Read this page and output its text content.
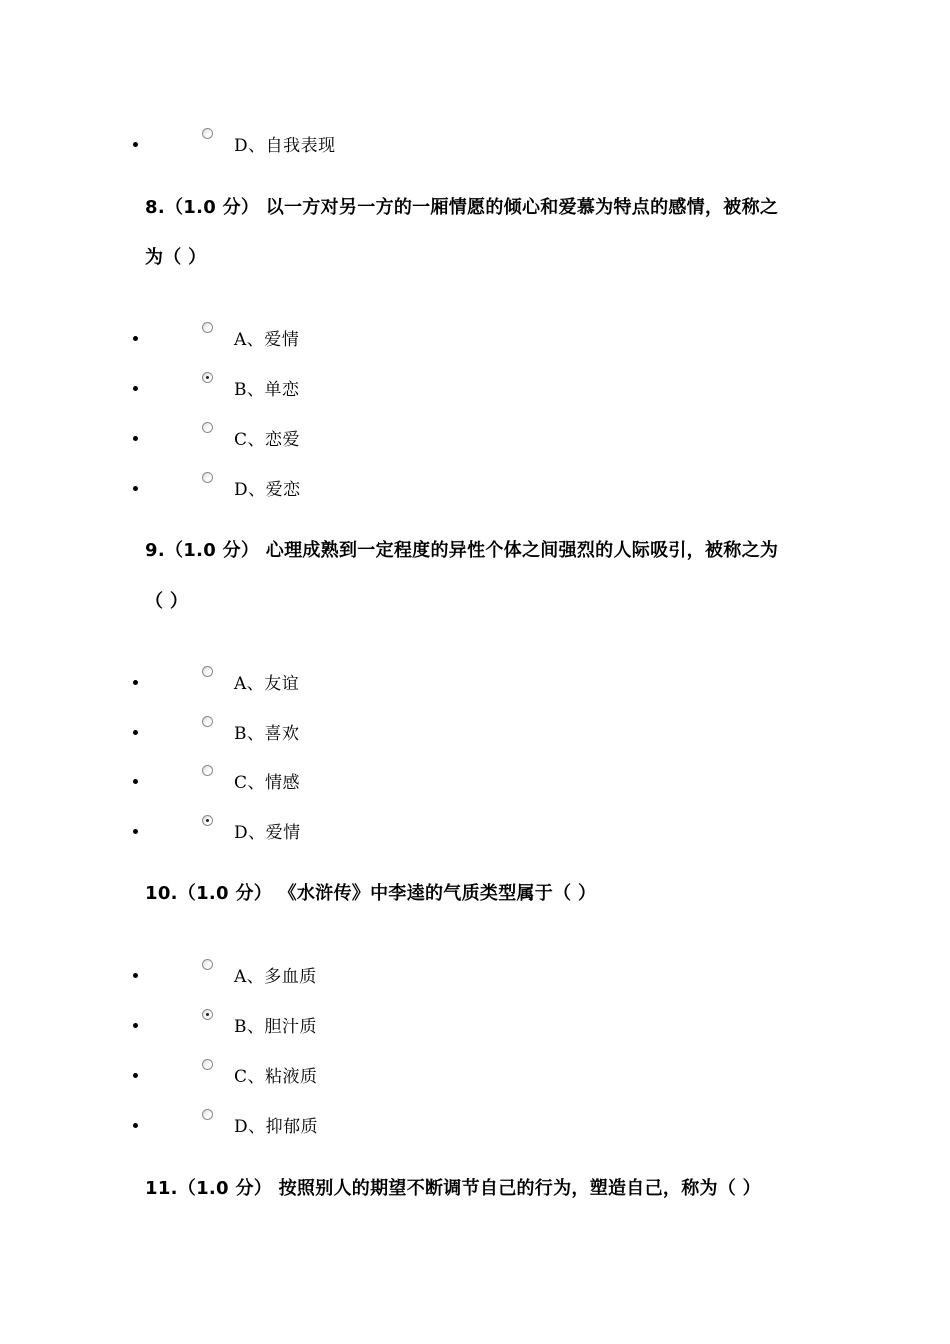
D、自我表现
8.（1.0 分） 以一方对另一方的一厢情愿的倾心和爱慕为特点的感情，被称之
为（ ）
A、爱情
B、单恋
C、恋爱
D、爱恋
9.（1.0 分） 心理成熟到一定程度的异性个体之间强烈的人际吸引，被称之为
（ ）
A、友谊
B、喜欢
C、情感
D、爱情
10.（1.0 分） 《水浒传》中李逵的气质类型属于（ ）
A、多血质
B、胆汁质
C、粘液质
D、抑郁质
11.（1.0 分） 按照别人的期望不断调节自己的行为，塑造自己，称为（ ）
